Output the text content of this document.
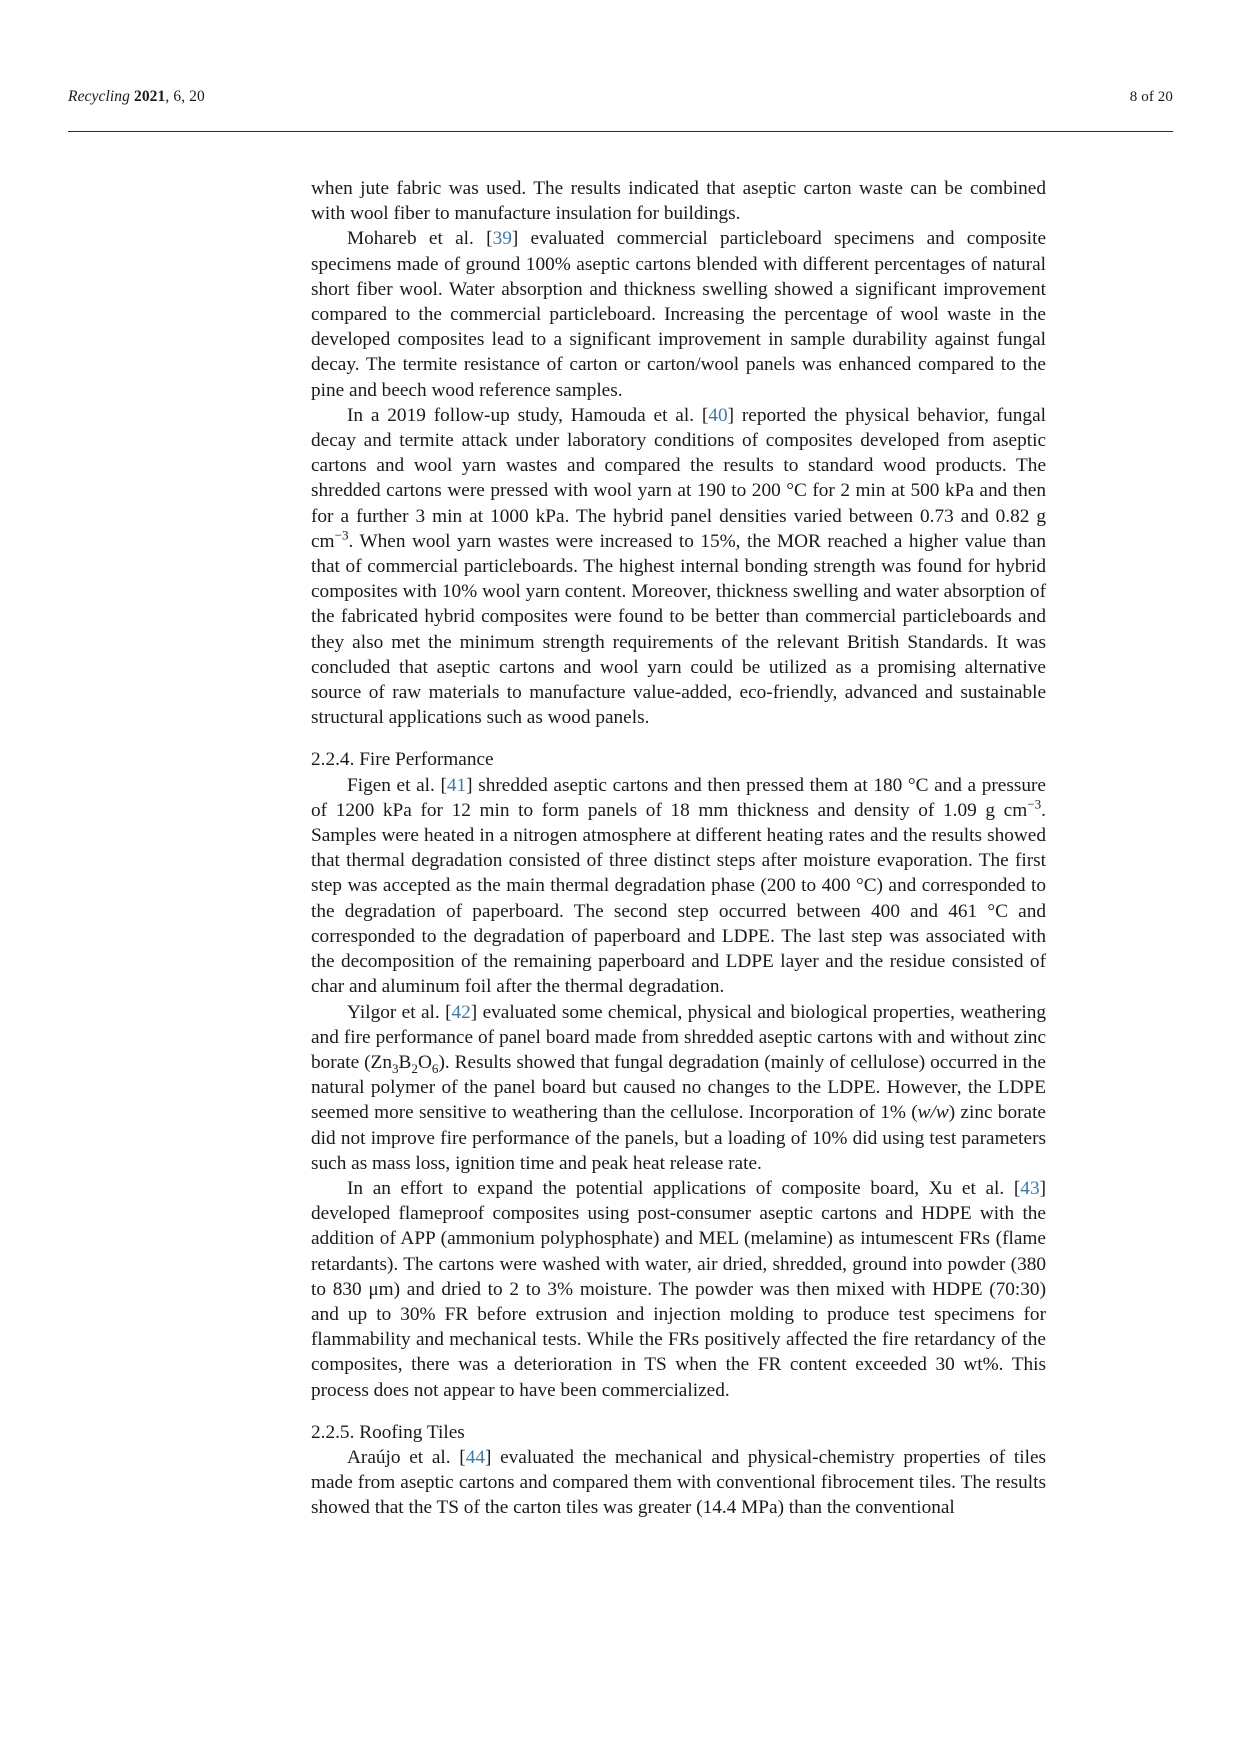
Recycling 2021, 6, 20	8 of 20

when jute fabric was used. The results indicated that aseptic carton waste can be combined with wool fiber to manufacture insulation for buildings.

Mohareb et al. [39] evaluated commercial particleboard specimens and composite specimens made of ground 100% aseptic cartons blended with different percentages of natural short fiber wool. Water absorption and thickness swelling showed a significant improvement compared to the commercial particleboard. Increasing the percentage of wool waste in the developed composites lead to a significant improvement in sample durability against fungal decay. The termite resistance of carton or carton/wool panels was enhanced compared to the pine and beech wood reference samples.

In a 2019 follow-up study, Hamouda et al. [40] reported the physical behavior, fungal decay and termite attack under laboratory conditions of composites developed from aseptic cartons and wool yarn wastes and compared the results to standard wood products. The shredded cartons were pressed with wool yarn at 190 to 200 °C for 2 min at 500 kPa and then for a further 3 min at 1000 kPa. The hybrid panel densities varied between 0.73 and 0.82 g $cm^{-3}$. When wool yarn wastes were increased to 15%, the MOR reached a higher value than that of commercial particleboards. The highest internal bonding strength was found for hybrid composites with 10% wool yarn content. Moreover, thickness swelling and water absorption of the fabricated hybrid composites were found to be better than commercial particleboards and they also met the minimum strength requirements of the relevant British Standards. It was concluded that aseptic cartons and wool yarn could be utilized as a promising alternative source of raw materials to manufacture value-added, eco-friendly, advanced and sustainable structural applications such as wood panels.

2.2.4. Fire Performance

Figen et al. [41] shredded aseptic cartons and then pressed them at 180 °C and a pressure of 1200 kPa for 12 min to form panels of 18 mm thickness and density of 1.09 g $cm^{-3}$. Samples were heated in a nitrogen atmosphere at different heating rates and the results showed that thermal degradation consisted of three distinct steps after moisture evaporation. The first step was accepted as the main thermal degradation phase (200 to 400 °C) and corresponded to the degradation of paperboard. The second step occurred between 400 and 461 °C and corresponded to the degradation of paperboard and LDPE. The last step was associated with the decomposition of the remaining paperboard and LDPE layer and the residue consisted of char and aluminum foil after the thermal degradation.

Yilgor et al. [42] evaluated some chemical, physical and biological properties, weathering and fire performance of panel board made from shredded aseptic cartons with and without zinc borate $(Zn_3B_2O_6)$. Results showed that fungal degradation (mainly of cellulose) occurred in the natural polymer of the panel board but caused no changes to the LDPE. However, the LDPE seemed more sensitive to weathering than the cellulose. Incorporation of 1% (w/w) zinc borate did not improve fire performance of the panels, but a loading of 10% did using test parameters such as mass loss, ignition time and peak heat release rate.

In an effort to expand the potential applications of composite board, Xu et al. [43] developed flameproof composites using post-consumer aseptic cartons and HDPE with the addition of APP (ammonium polyphosphate) and MEL (melamine) as intumescent FRs (flame retardants). The cartons were washed with water, air dried, shredded, ground into powder (380 to 830 μm) and dried to 2 to 3% moisture. The powder was then mixed with HDPE (70:30) and up to 30% FR before extrusion and injection molding to produce test specimens for flammability and mechanical tests. While the FRs positively affected the fire retardancy of the composites, there was a deterioration in TS when the FR content exceeded 30 wt%. This process does not appear to have been commercialized.

2.2.5. Roofing Tiles

Araújo et al. [44] evaluated the mechanical and physical-chemistry properties of tiles made from aseptic cartons and compared them with conventional fibrocement tiles. The results showed that the TS of the carton tiles was greater (14.4 MPa) than the conventional
